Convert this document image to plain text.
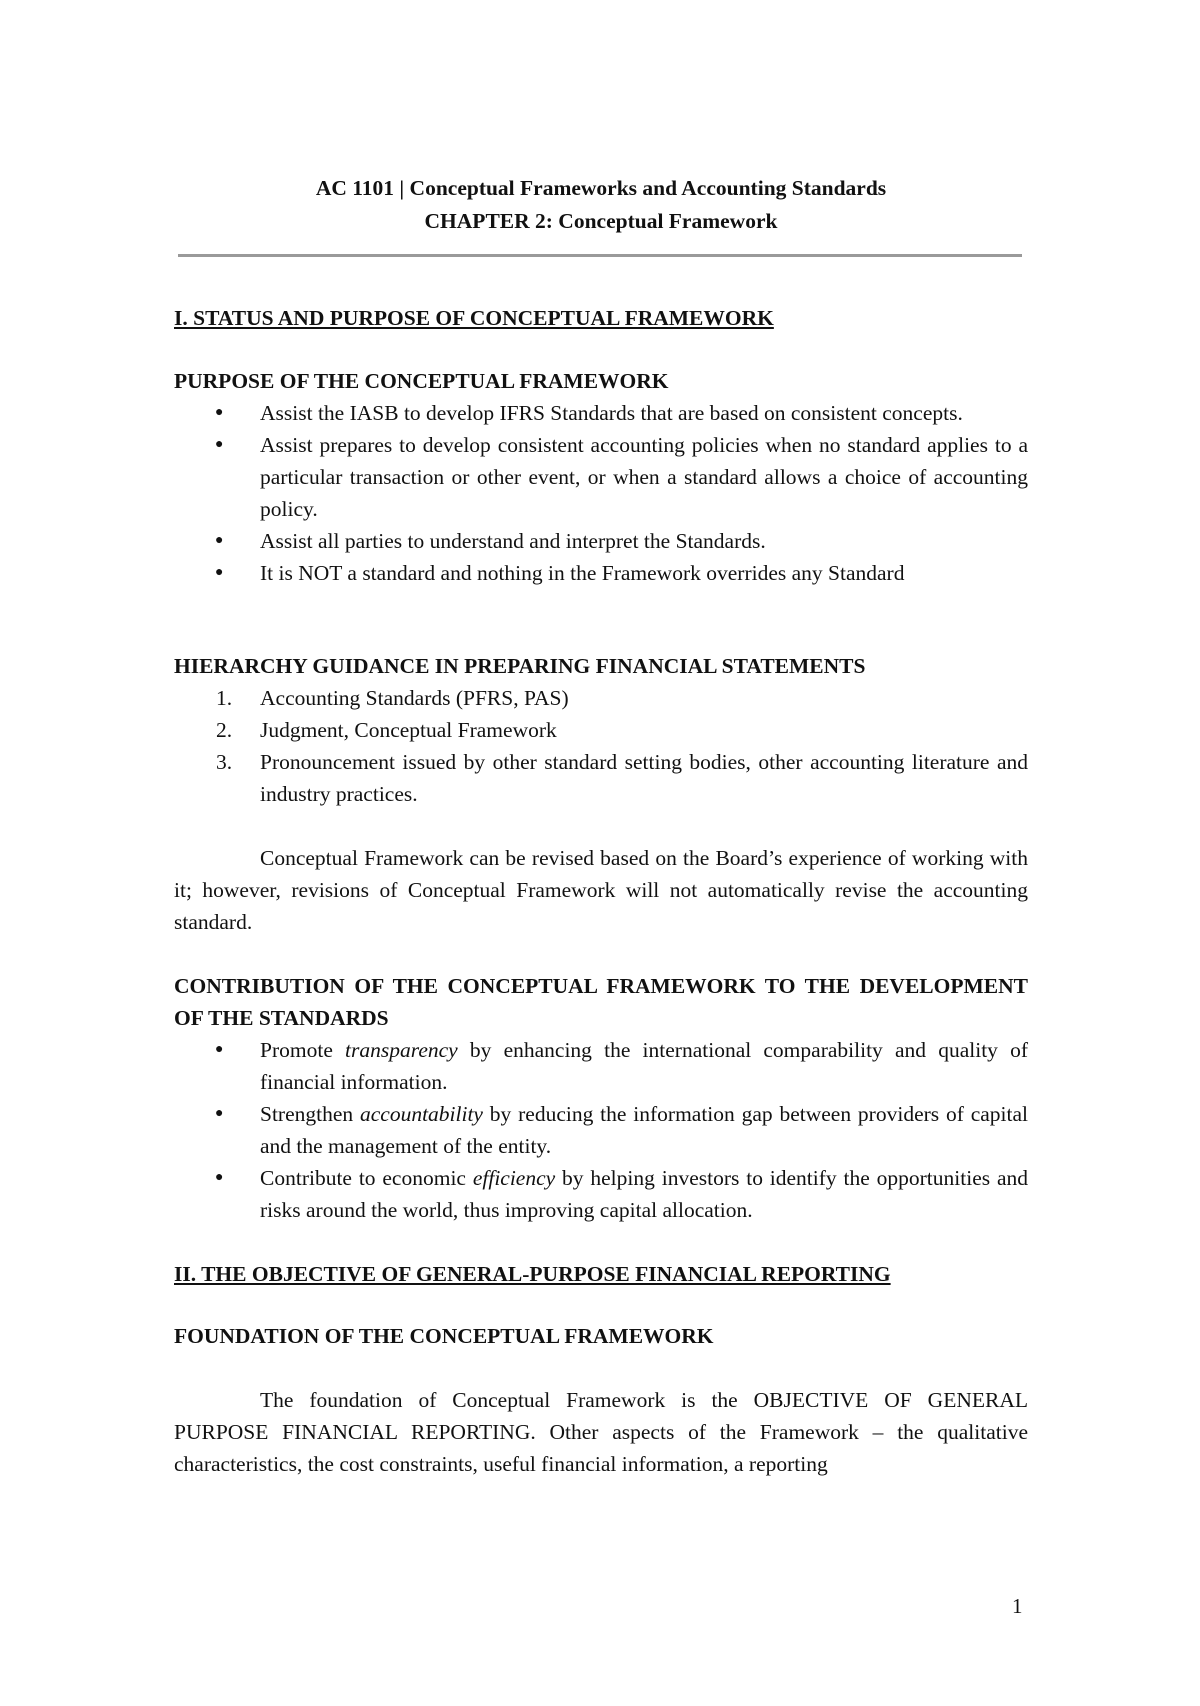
AC 1101 | Conceptual Frameworks and Accounting Standards
CHAPTER 2: Conceptual Framework
I. STATUS AND PURPOSE OF CONCEPTUAL FRAMEWORK
PURPOSE OF THE CONCEPTUAL FRAMEWORK
● Assist the IASB to develop IFRS Standards that are based on consistent concepts.
● Assist prepares to develop consistent accounting policies when no standard applies to a particular transaction or other event, or when a standard allows a choice of accounting policy.
● Assist all parties to understand and interpret the Standards.
● It is NOT a standard and nothing in the Framework overrides any Standard
HIERARCHY GUIDANCE IN PREPARING FINANCIAL STATEMENTS
1. Accounting Standards (PFRS, PAS)
2. Judgment, Conceptual Framework
3. Pronouncement issued by other standard setting bodies, other accounting literature and industry practices.

Conceptual Framework can be revised based on the Board’s experience of working with it; however, revisions of Conceptual Framework will not automatically revise the accounting standard.

CONTRIBUTION OF THE CONCEPTUAL FRAMEWORK TO THE DEVELOPMENT OF THE STANDARDS
● Promote transparency by enhancing the international comparability and quality of financial information.
● Strengthen accountability by reducing the information gap between providers of capital and the management of the entity.
● Contribute to economic efficiency by helping investors to identify the opportunities and risks around the world, thus improving capital allocation.
II. THE OBJECTIVE OF GENERAL-PURPOSE FINANCIAL REPORTING
FOUNDATION OF THE CONCEPTUAL FRAMEWORK

The foundation of Conceptual Framework is the OBJECTIVE OF GENERAL PURPOSE FINANCIAL REPORTING. Other aspects of the Framework – the qualitative characteristics, the cost constraints, useful financial information, a reporting

1
